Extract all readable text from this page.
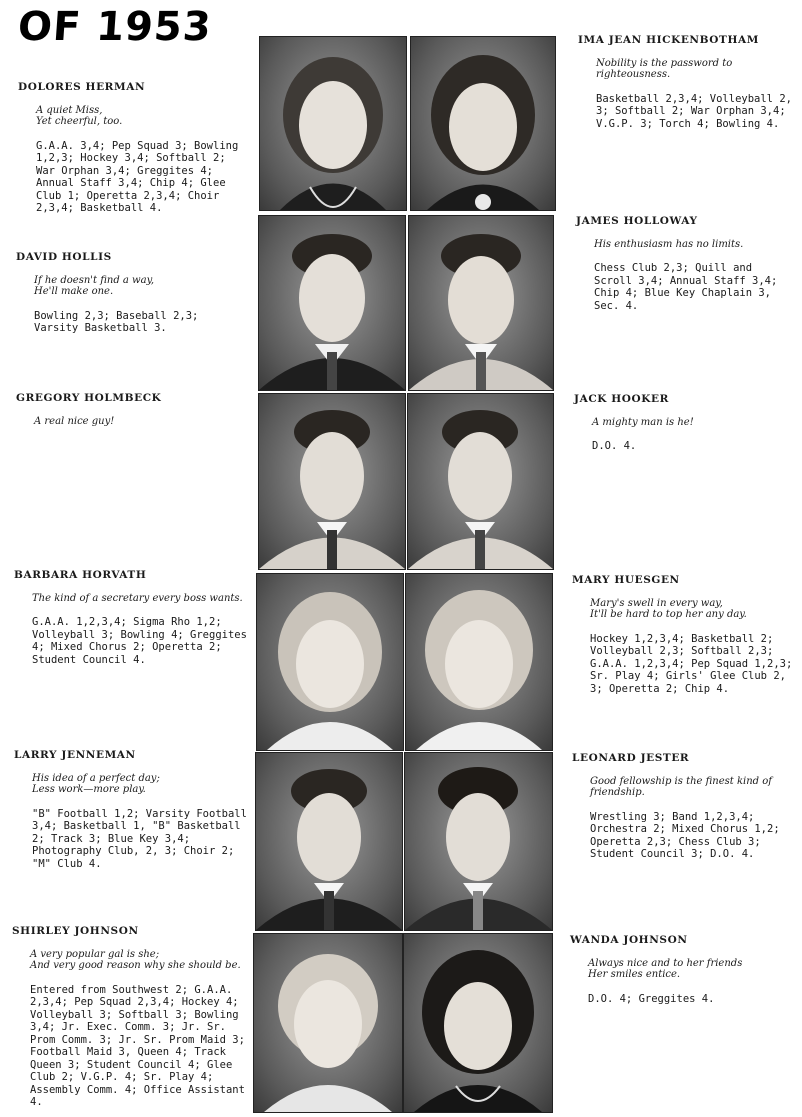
OF 1953

DOLORES HERMAN

A quiet Miss,
Yet cheerful, too.

G.A.A. 3,4; Pep Squad 3; Bowling 1,2,3; Hockey 3,4; Softball 2; War Orphan 3,4; Greggites 4; Annual Staff 3,4; Chip 4; Glee Club 1; Operetta 2,3,4; Choir 2,3,4; Basketball 4.

DAVID HOLLIS

If he doesn't find a way,
He'll make one.

Bowling 2,3; Baseball 2,3; Varsity Basketball 3.

GREGORY HOLMBECK

A real nice guy!

BARBARA HORVATH

The kind of a secretary every boss wants.

G.A.A. 1,2,3,4; Sigma Rho 1,2; Volleyball 3; Bowling 4; Greggites 4; Mixed Chorus 2; Operetta 2; Student Council 4.

LARRY JENNEMAN

His idea of a perfect day;
Less work—more play.

"B" Football 1,2; Varsity Football 3,4; Basketball 1, "B" Basketball 2; Track 3; Blue Key 3,4; Photography Club, 2, 3; Choir 2; "M" Club 4.

SHIRLEY JOHNSON

A very popular gal is she;
And very good reason why she should be.

Entered from Southwest 2; G.A.A. 2,3,4; Pep Squad 2,3,4; Hockey 4; Volleyball 3; Softball 3; Bowling 3,4; Jr. Exec. Comm. 3; Jr. Sr. Prom Comm. 3; Jr. Sr. Prom Maid 3; Football Maid 3, Queen 4; Track Queen 3; Student Council 4; Glee Club 2; V.G.P. 4; Sr. Play 4; Assembly Comm. 4; Office Assistant 4.

IMA JEAN HICKENBOTHAM

Nobility is the password to righteousness.

Basketball 2,3,4; Volleyball 2, 3; Softball 2; War Orphan 3,4; V.G.P. 3; Torch 4; Bowling 4.

JAMES HOLLOWAY

His enthusiasm has no limits.

Chess Club 2,3; Quill and Scroll 3,4; Annual Staff 3,4; Chip 4; Blue Key Chaplain 3, Sec. 4.

JACK HOOKER

A mighty man is he!

D.O. 4.

MARY HUESGEN

Mary's swell in every way,
It'll be hard to top her any day.

Hockey 1,2,3,4; Basketball 2; Volleyball 2,3; Softball 2,3; G.A.A. 1,2,3,4; Pep Squad 1,2,3; Sr. Play 4; Girls' Glee Club 2, 3; Operetta 2; Chip 4.

LEONARD JESTER

Good fellowship is the finest kind of friendship.

Wrestling 3; Band 1,2,3,4; Orchestra 2; Mixed Chorus 1,2; Operetta 2,3; Chess Club 3; Student Council 3; D.O. 4.

WANDA JOHNSON

Always nice and to her friends
Her smiles entice.

D.O. 4; Greggites 4.
